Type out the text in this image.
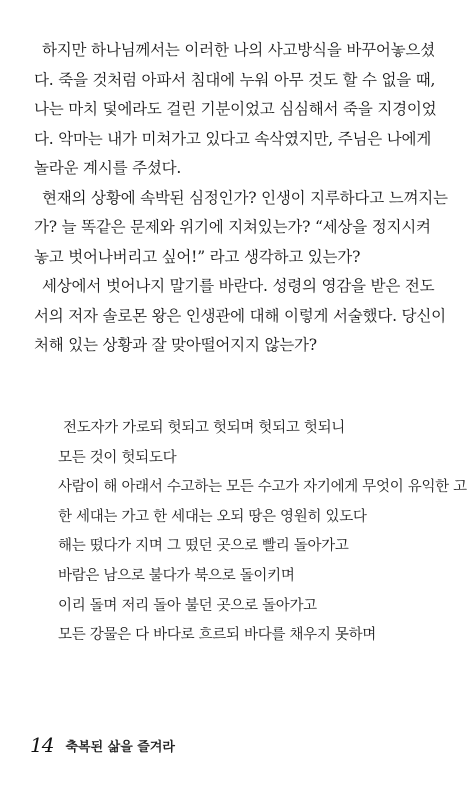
하지만 하나님께서는 이러한 나의 사고방식을 바꾸어놓으셨
다. 죽을 것처럼 아파서 침대에 누워 아무 것도 할 수 없을 때,
나는 마치 덫에라도 걸린 기분이었고 심심해서 죽을 지경이었
다. 악마는 내가 미쳐가고 있다고 속삭였지만, 주님은 나에게
놀라운 계시를 주셨다.
현재의 상황에 속박된 심정인가? 인생이 지루하다고 느껴지는
가? 늘 똑같은 문제와 위기에 지쳐있는가? “세상을 정지시켜
놓고 벗어나버리고 싶어!” 라고 생각하고 있는가?
세상에서 벗어나지 말기를 바란다. 성령의 영감을 받은 전도
서의 저자 솔로몬 왕은 인생관에 대해 이렇게 서술했다. 당신이
처해 있는 상황과 잘 맞아떨어지지 않는가?
전도자가 가로되 헛되고 헛되며 헛되고 헛되니
모든 것이 헛되도다
사람이 해 아래서 수고하는 모든 수고가 자기에게 무엇이 유익한 고
한 세대는 가고 한 세대는 오되 땅은 영원히 있도다
해는 떴다가 지며 그 떴던 곳으로 빨리 돌아가고
바람은 남으로 불다가 북으로 돌이키며
이리 돌며 저리 돌아 불던 곳으로 돌아가고
모든 강물은 다 바다로 흐르되 바다를 채우지 못하며
14 축복된 삶을 즐겨라
